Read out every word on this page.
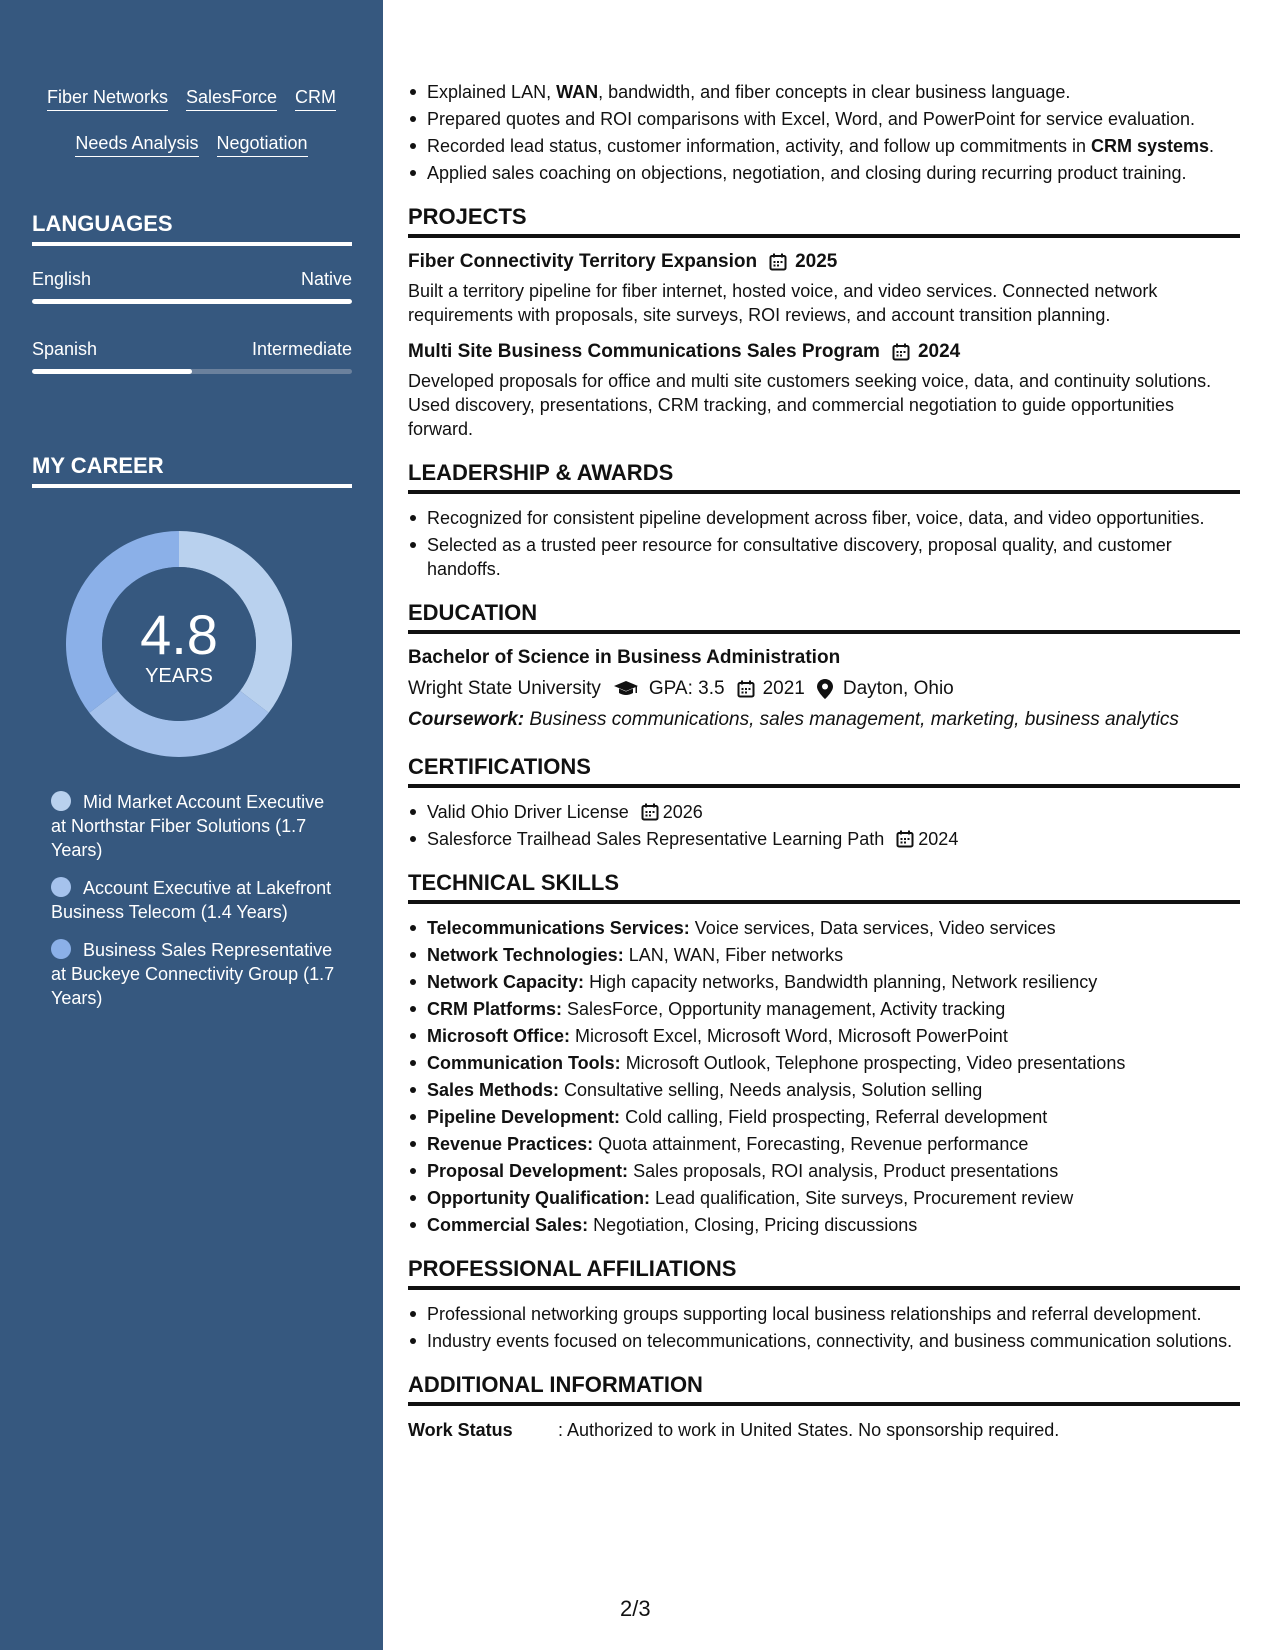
Fiber Networks SalesForce CRM
Needs Analysis Negotiation
LANGUAGES
English	Native
Spanish	Intermediate
MY CAREER
4.8
YEARS
Mid Market Account Executive at Northstar Fiber Solutions (1.7 Years)
Account Executive at Lakefront Business Telecom (1.4 Years)
Business Sales Representative at Buckeye Connectivity Group (1.7 Years)
Explained LAN, WAN, bandwidth, and fiber concepts in clear business language.
Prepared quotes and ROI comparisons with Excel, Word, and PowerPoint for service evaluation.
Recorded lead status, customer information, activity, and follow up commitments in CRM systems.
Applied sales coaching on objections, negotiation, and closing during recurring product training.
PROJECTS
Fiber Connectivity Territory Expansion 2025
Built a territory pipeline for fiber internet, hosted voice, and video services. Connected network requirements with proposals, site surveys, ROI reviews, and account transition planning.
Multi Site Business Communications Sales Program 2024
Developed proposals for office and multi site customers seeking voice, data, and continuity solutions. Used discovery, presentations, CRM tracking, and commercial negotiation to guide opportunities forward.
LEADERSHIP & AWARDS
Recognized for consistent pipeline development across fiber, voice, data, and video opportunities.
Selected as a trusted peer resource for consultative discovery, proposal quality, and customer handoffs.
EDUCATION
Bachelor of Science in Business Administration
Wright State University	GPA: 3.5 2021 Dayton, Ohio
Coursework: Business communications, sales management, marketing, business analytics
CERTIFICATIONS
Valid Ohio Driver License 2026
Salesforce Trailhead Sales Representative Learning Path 2024
TECHNICAL SKILLS
Telecommunications Services: Voice services, Data services, Video services
Network Technologies: LAN, WAN, Fiber networks
Network Capacity: High capacity networks, Bandwidth planning, Network resiliency
CRM Platforms: SalesForce, Opportunity management, Activity tracking
Microsoft Office: Microsoft Excel, Microsoft Word, Microsoft PowerPoint
Communication Tools: Microsoft Outlook, Telephone prospecting, Video presentations
Sales Methods: Consultative selling, Needs analysis, Solution selling
Pipeline Development: Cold calling, Field prospecting, Referral development
Revenue Practices: Quota attainment, Forecasting, Revenue performance
Proposal Development: Sales proposals, ROI analysis, Product presentations
Opportunity Qualification: Lead qualification, Site surveys, Procurement review
Commercial Sales: Negotiation, Closing, Pricing discussions
PROFESSIONAL AFFILIATIONS
Professional networking groups supporting local business relationships and referral development.
Industry events focused on telecommunications, connectivity, and business communication solutions.
ADDITIONAL INFORMATION
Work Status	: Authorized to work in United States. No sponsorship required.
2/3
